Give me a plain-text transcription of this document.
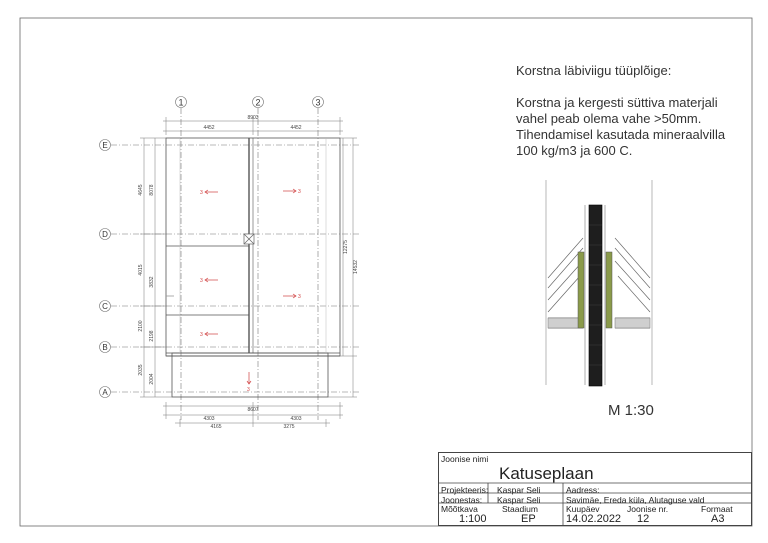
1	2	3
E
D
C
B
A
3	3
3
3
3
3
8903
4452	4452
8607
4303	4303
4165	3275
4645
4015
2100
2035
8078
3832
2198
2004
12275
14532
Korstna läbiviigu tüüplõige:
Korstna ja kergesti süttiva materjali
vahel peab olema vahe >50mm.
Tihendamisel kasutada mineraalvilla
100 kg/m3 ja 600 C.
M 1:30
Joonise nimi
Katuseplaan
Projekteeris: Kaspar Seli	Aadress:
Joonestas: Kaspar Seli	Savimäe, Ereda küla, Alutaguse vald
Mõõtkava	Staadium	Kuupäev	Joonise nr.	Formaat
1:100	EP	14.02.2022 12	A3
